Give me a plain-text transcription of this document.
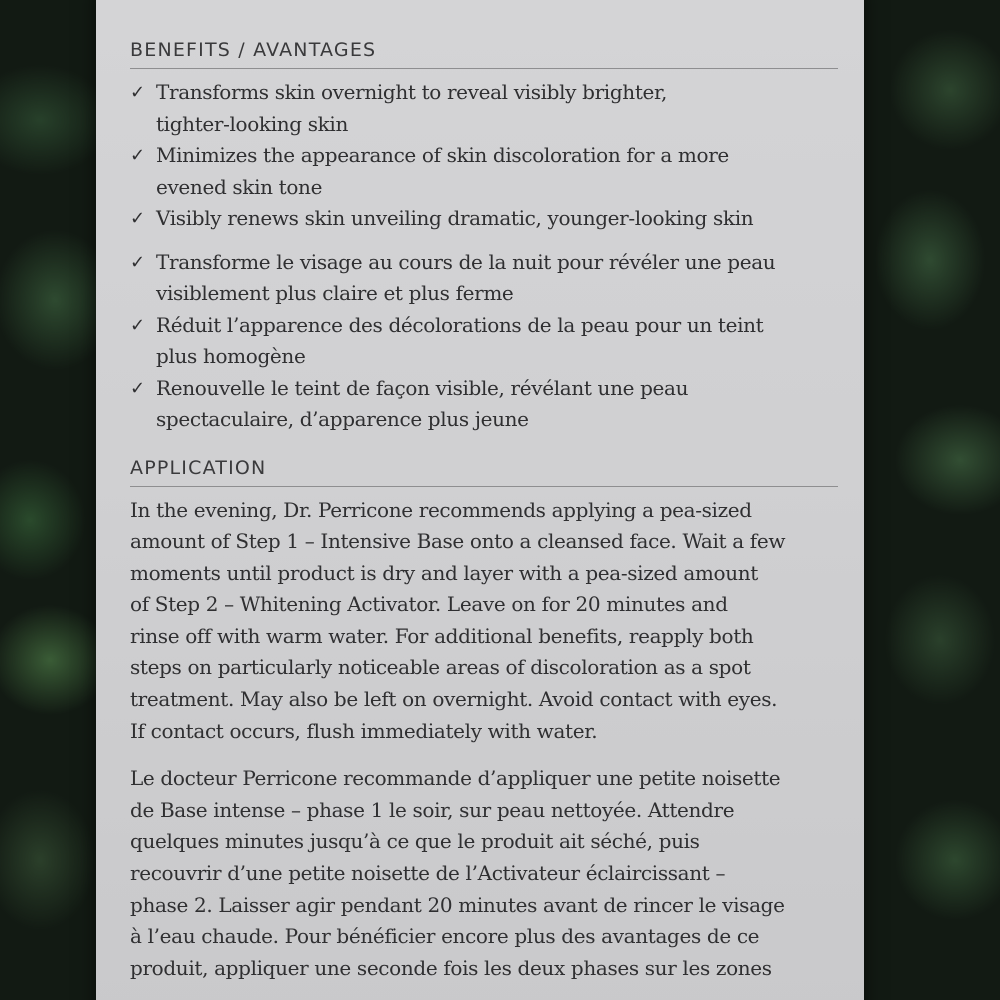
BENEFITS / AVANTAGES
✓ Transforms skin overnight to reveal visibly brighter,
tighter-looking skin
✓ Minimizes the appearance of skin discoloration for a more
evened skin tone
✓ Visibly renews skin unveiling dramatic, younger-looking skin
✓ Transforme le visage au cours de la nuit pour révéler une peau
visiblement plus claire et plus ferme
✓ Réduit l’apparence des décolorations de la peau pour un teint
plus homogène
✓ Renouvelle le teint de façon visible, révélant une peau
spectaculaire, d’apparence plus jeune
APPLICATION

In the evening, Dr. Perricone recommends applying a pea-sized
amount of Step 1 – Intensive Base onto a cleansed face. Wait a few
moments until product is dry and layer with a pea-sized amount
of Step 2 – Whitening Activator. Leave on for 20 minutes and
rinse off with warm water. For additional benefits, reapply both
steps on particularly noticeable areas of discoloration as a spot
treatment. May also be left on overnight. Avoid contact with eyes.
If contact occurs, flush immediately with water.

Le docteur Perricone recommande d’appliquer une petite noisette
de Base intense – phase 1 le soir, sur peau nettoyée. Attendre
quelques minutes jusqu’à ce que le produit ait séché, puis
recouvrir d’une petite noisette de l’Activateur éclaircissant –
phase 2. Laisser agir pendant 20 minutes avant de rincer le visage
à l’eau chaude. Pour bénéficier encore plus des avantages de ce
produit, appliquer une seconde fois les deux phases sur les zones
